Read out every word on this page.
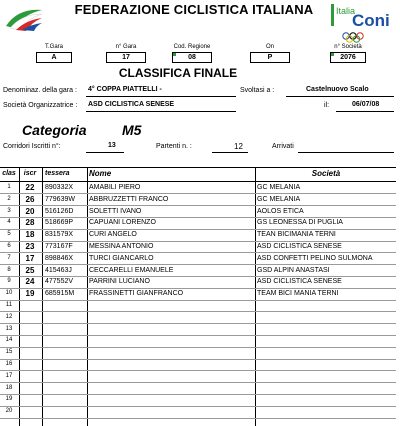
FEDERAZIONE CICLISTICA ITALIANA	Italia
Coni
T.Gara
A
n° Gara
17
Cod. Regione
08
On
P
n° Società
2076
CLASSIFICA FINALE
Denominaz. della gara : 4° COPPA PIATTELLI -	Svoltasi a :	Castelnuovo Scalo
Società Organizzatrice : ASD CICLISTICA SENESE	il:	06/07/08
Categoria	M5
Corridori Iscritti n°:	13	Partenti n. :	12	Arrivati
clas	iscr	tessera	Nome	Società
1	22	890332X	AMABILI PIERO	GC MELANIA
2	26	779639W	ABBRUZZETTI FRANCO	GC MELANIA
3	20	516126D	SOLETTI IVANO	AOLOS ETICA
4	28	518669P	CAPUANI LORENZO	GS LEONESSA DI PUGLIA
5	18	831579X	CURI ANGELO	TEAN BICIMANIA TERNI
6	23	773167F	MESSINA ANTONIO	ASD CICLISTICA SENESE
7	17	898846X	TURCI GIANCARLO	ASD CONFETTI PELINO SULMONA
8	25	415463J	CECCARELLI EMANUELE	GSD ALPIN ANASTASI
9	24	477552V	PARRINI LUCIANO	ASD CICLISTICA SENESE
10	19	685915M	FRASSINETTI GIANFRANCO	TEAM BICI MANIA TERNI
11
12
13
14
15
16
17
18
19
20
